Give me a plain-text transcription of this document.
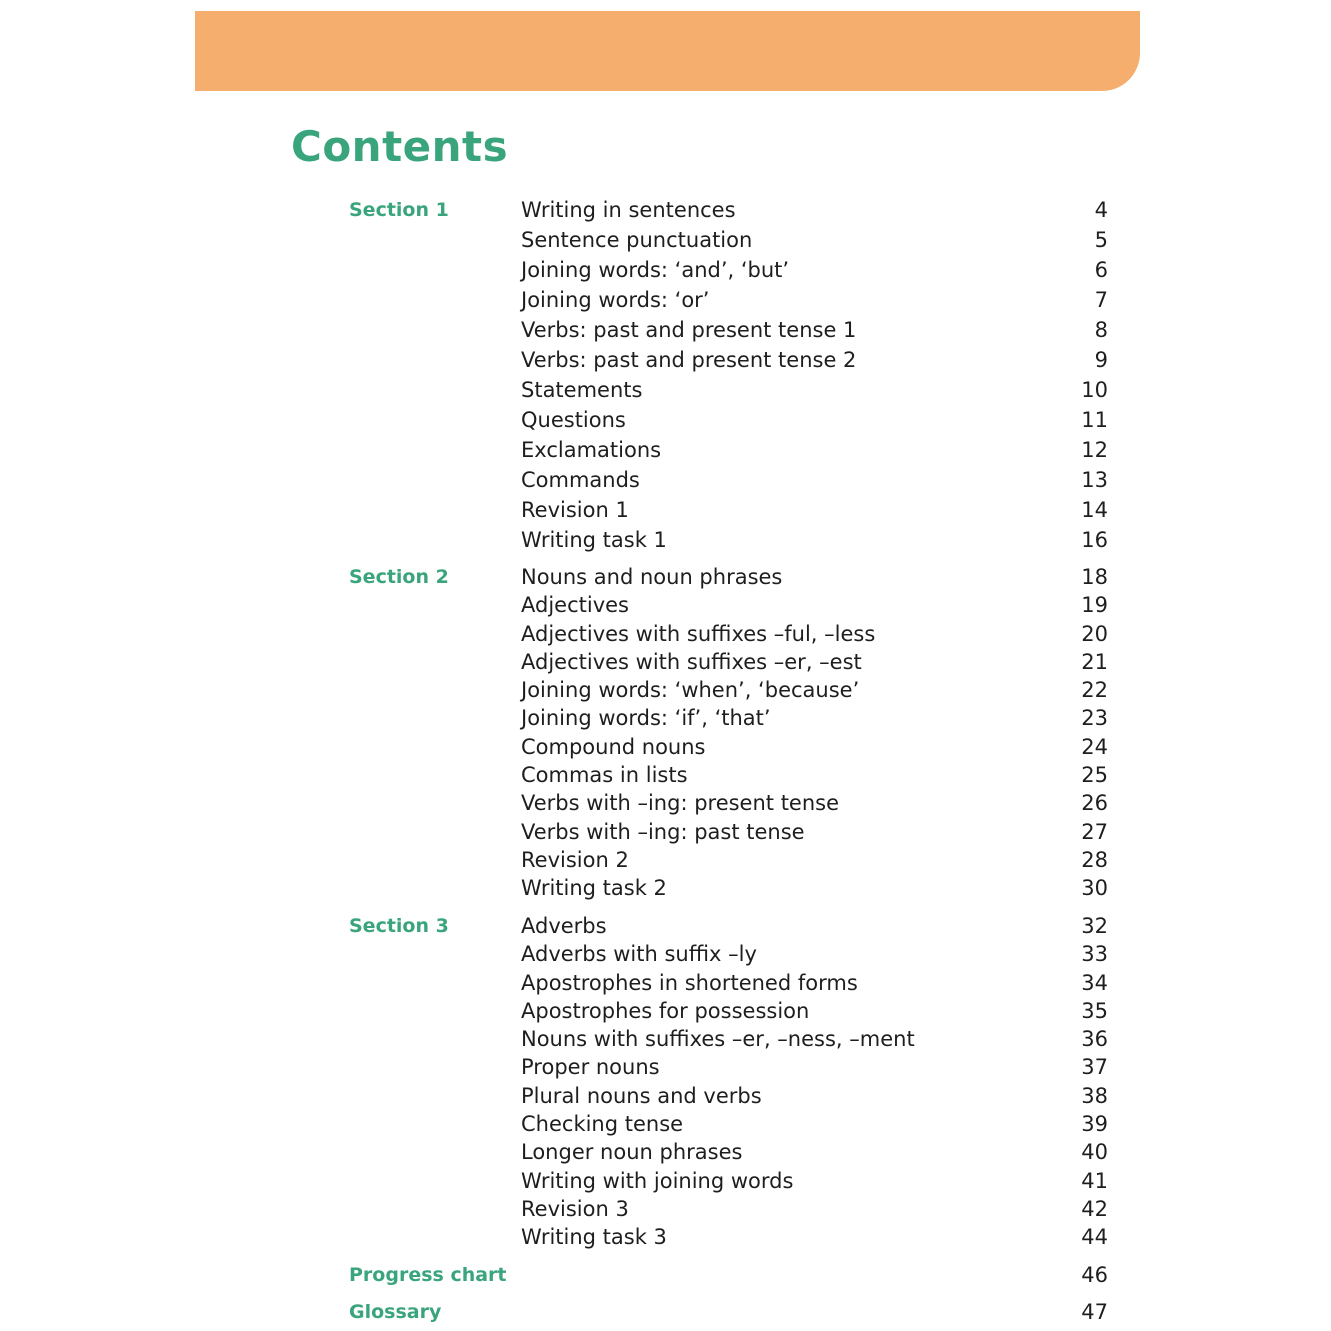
Contents
Section 1	Writing in sentences	4
Sentence punctuation	5
Joining words: ‘and’, ‘but’	6
Joining words: ‘or’	7
Verbs: past and present tense 1	8
Verbs: past and present tense 2	9
Statements	10
Questions	11
Exclamations	12
Commands	13
Revision 1	14
Writing task 1	16
Section 2	Nouns and noun phrases	18
Adjectives	19
Adjectives with suffixes –ful, –less	20
Adjectives with suffixes –er, –est	21
Joining words: ‘when’, ‘because’	22
Joining words: ‘if’, ‘that’	23
Compound nouns	24
Commas in lists	25
Verbs with –ing: present tense	26
Verbs with –ing: past tense	27
Revision 2	28
Writing task 2	30
Section 3	Adverbs	32
Adverbs with suffix –ly	33
Apostrophes in shortened forms	34
Apostrophes for possession	35
Nouns with suffixes –er, –ness, –ment	36
Proper nouns	37
Plural nouns and verbs	38
Checking tense	39
Longer noun phrases	40
Writing with joining words	41
Revision 3	42
Writing task 3	44
Progress chart	46
Glossary	47
